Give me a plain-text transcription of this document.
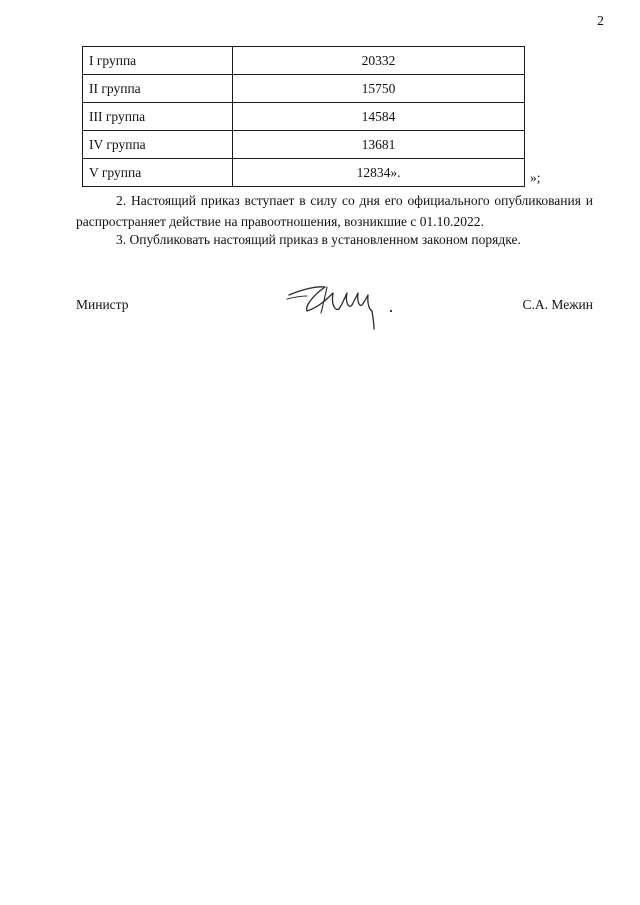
2
I группа	20332
II группа	15750
III группа	14584
IV группа	13681
V группа	12834».	»;

2. Настоящий приказ вступает в силу со дня его официального опубликования и распространяет действие на правоотношения, возникшие с 01.10.2022.

3. Опубликовать настоящий приказ в установленном законом порядке.

Министр	С.А. Межин
